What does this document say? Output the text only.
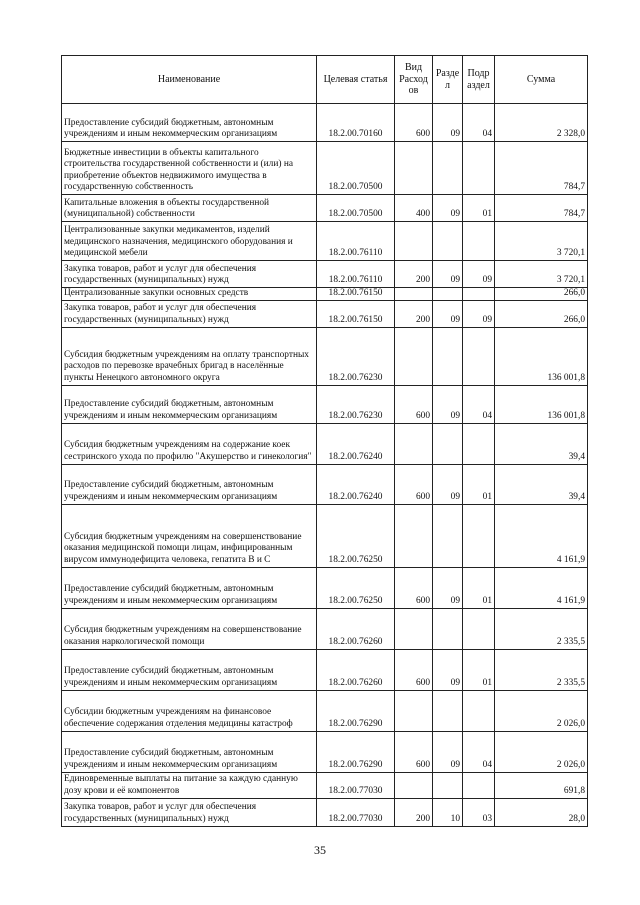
Наименование	Целевая статья	Вид Расход ов	Разде л	Подр аздел	Сумма
Предоставление субсидий бюджетным, автономным учреждениям и иным некоммерческим организациям	18.2.00.70160	600	09	04	2 328,0
Бюджетные инвестиции в объекты капитального строительства государственной собственности и (или) на приобретение объектов недвижимого имущества в государственную собственность	18.2.00.70500				784,7
Капитальные вложения в объекты государственной (муниципальной) собственности	18.2.00.70500	400	09	01	784,7
Централизованные закупки медикаментов, изделий медицинского назначения, медицинского оборудования и медицинской мебели	18.2.00.76110				3 720,1
Закупка товаров, работ и услуг для обеспечения государственных (муниципальных) нужд	18.2.00.76110	200	09	09	3 720,1
Централизованные закупки основных средств	18.2.00.76150				266,0
Закупка товаров, работ и услуг для обеспечения государственных (муниципальных) нужд	18.2.00.76150	200	09	09	266,0
Субсидия бюджетным учреждениям на оплату транспортных расходов по перевозке врачебных бригад в населённые пункты Ненецкого автономного округа	18.2.00.76230				136 001,8
Предоставление субсидий бюджетным, автономным учреждениям и иным некоммерческим организациям	18.2.00.76230	600	09	04	136 001,8
Субсидия бюджетным учреждениям на содержание коек сестринского ухода по профилю "Акушерство и гинекология"	18.2.00.76240				39,4
Предоставление субсидий бюджетным, автономным учреждениям и иным некоммерческим организациям	18.2.00.76240	600	09	01	39,4
Субсидия бюджетным учреждениям на совершенствование оказания медицинской помощи лицам, инфицированным вирусом иммунодефицита человека, гепатита В и С	18.2.00.76250				4 161,9
Предоставление субсидий бюджетным, автономным учреждениям и иным некоммерческим организациям	18.2.00.76250	600	09	01	4 161,9
Субсидия бюджетным учреждениям на совершенствование оказания наркологической помощи	18.2.00.76260				2 335,5
Предоставление субсидий бюджетным, автономным учреждениям и иным некоммерческим организациям	18.2.00.76260	600	09	01	2 335,5
Субсидии бюджетным учреждениям на финансовое обеспечение содержания отделения медицины катастроф	18.2.00.76290				2 026,0
Предоставление субсидий бюджетным, автономным учреждениям и иным некоммерческим организациям	18.2.00.76290	600	09	04	2 026,0
Единовременные выплаты на питание за каждую сданную дозу крови и её компонентов	18.2.00.77030				691,8
Закупка товаров, работ и услуг для обеспечения государственных (муниципальных) нужд	18.2.00.77030	200	10	03	28,0
35
